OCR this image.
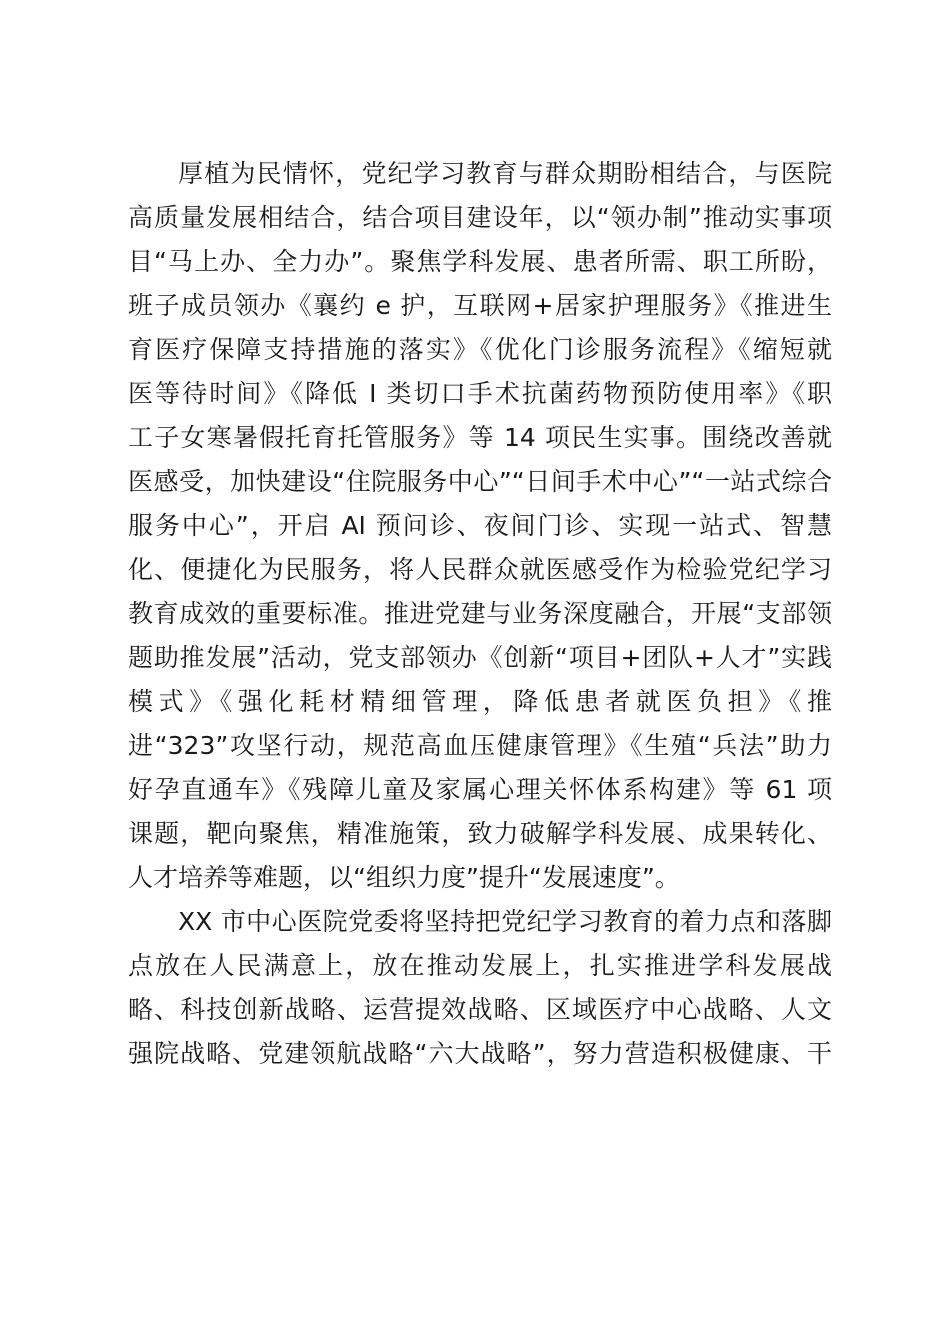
厚植为民情怀，党纪学习教育与群众期盼相结合，与医院
高质量发展相结合，结合项目建设年，以“领办制”推动实事项
目“马上办、全力办”。聚焦学科发展、患者所需、职工所盼，
班子成员领办《襄约 e 护，互联网+居家护理服务》《推进生
育医疗保障支持措施的落实》《优化门诊服务流程》《缩短就
医等待时间》《降低 I 类切口手术抗菌药物预防使用率》《职
工子女寒暑假托育托管服务》等 14 项民生实事。围绕改善就
医感受，加快建设“住院服务中心”“日间手术中心”“一站式综合
服务中心”，开启 AI 预问诊、夜间门诊、实现一站式、智慧
化、便捷化为民服务，将人民群众就医感受作为检验党纪学习
教育成效的重要标准。推进党建与业务深度融合，开展“支部领
题助推发展”活动，党支部领办《创新“项目+团队+人才”实践
模式》《强化耗材精细管理，降低患者就医负担》《推
进“323”攻坚行动，规范高血压健康管理》《生殖“兵法”助力
好孕直通车》《残障儿童及家属心理关怀体系构建》等 61 项
课题，靶向聚焦，精准施策，致力破解学科发展、成果转化、
人才培养等难题，以“组织力度”提升“发展速度”。
XX 市中心医院党委将坚持把党纪学习教育的着力点和落脚
点放在人民满意上，放在推动发展上，扎实推进学科发展战
略、科技创新战略、运营提效战略、区域医疗中心战略、人文
强院战略、党建领航战略“六大战略”，努力营造积极健康、干
